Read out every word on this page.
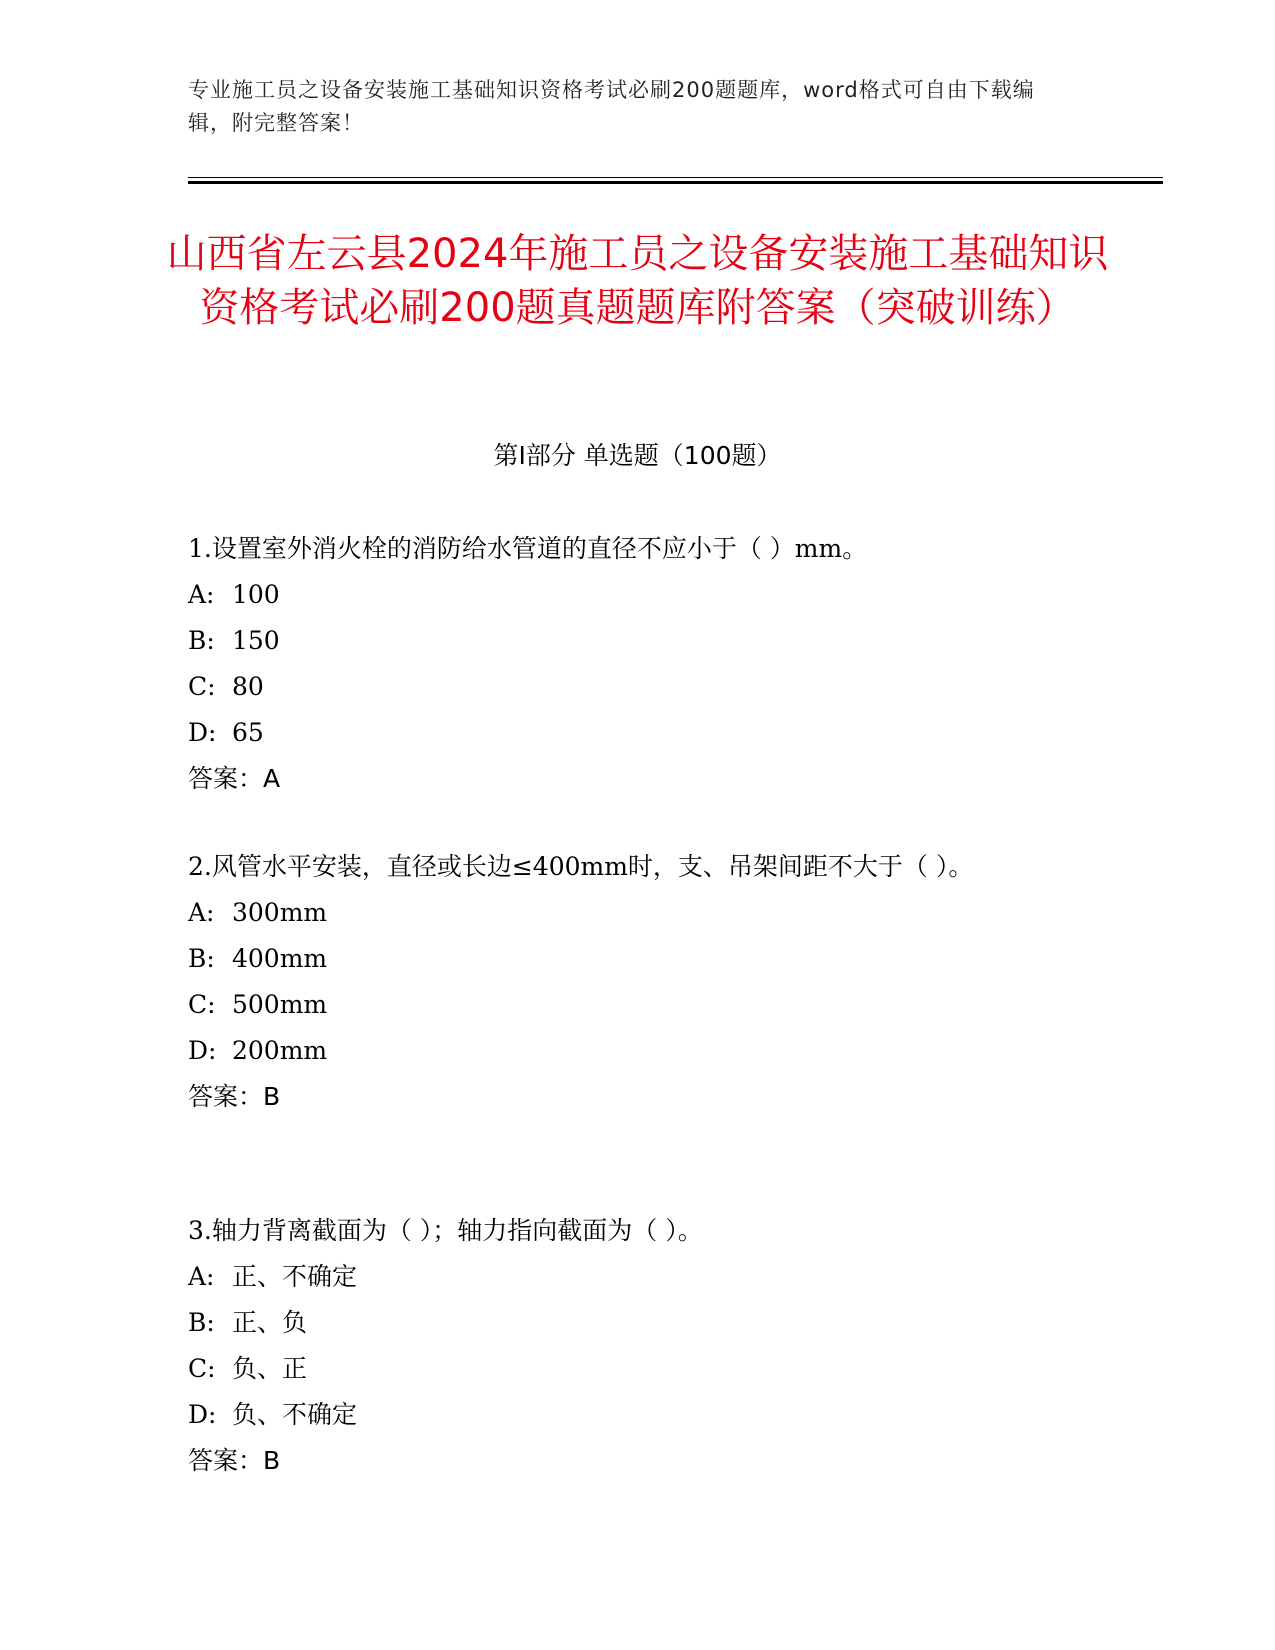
专业施工员之设备安装施工基础知识资格考试必刷200题题库，word格式可自由下载编辑，附完整答案！
山西省左云县2024年施工员之设备安装施工基础知识资格考试必刷200题真题题库附答案（突破训练）
第Ⅰ部分 单选题（100题）

1.设置室外消火栓的消防给水管道的直径不应小于（ ）mm。

A: 100

B: 150

C: 80

D: 65

答案：A

2.风管水平安装，直径或长边≤400mm时，支、吊架间距不大于（ ）。

A: 300mm

B: 400mm

C: 500mm

D: 200mm

答案：B

3.轴力背离截面为（ ）；轴力指向截面为（ ）。

A: 正、不确定

B: 正、负

C: 负、正

D: 负、不确定

答案：B
